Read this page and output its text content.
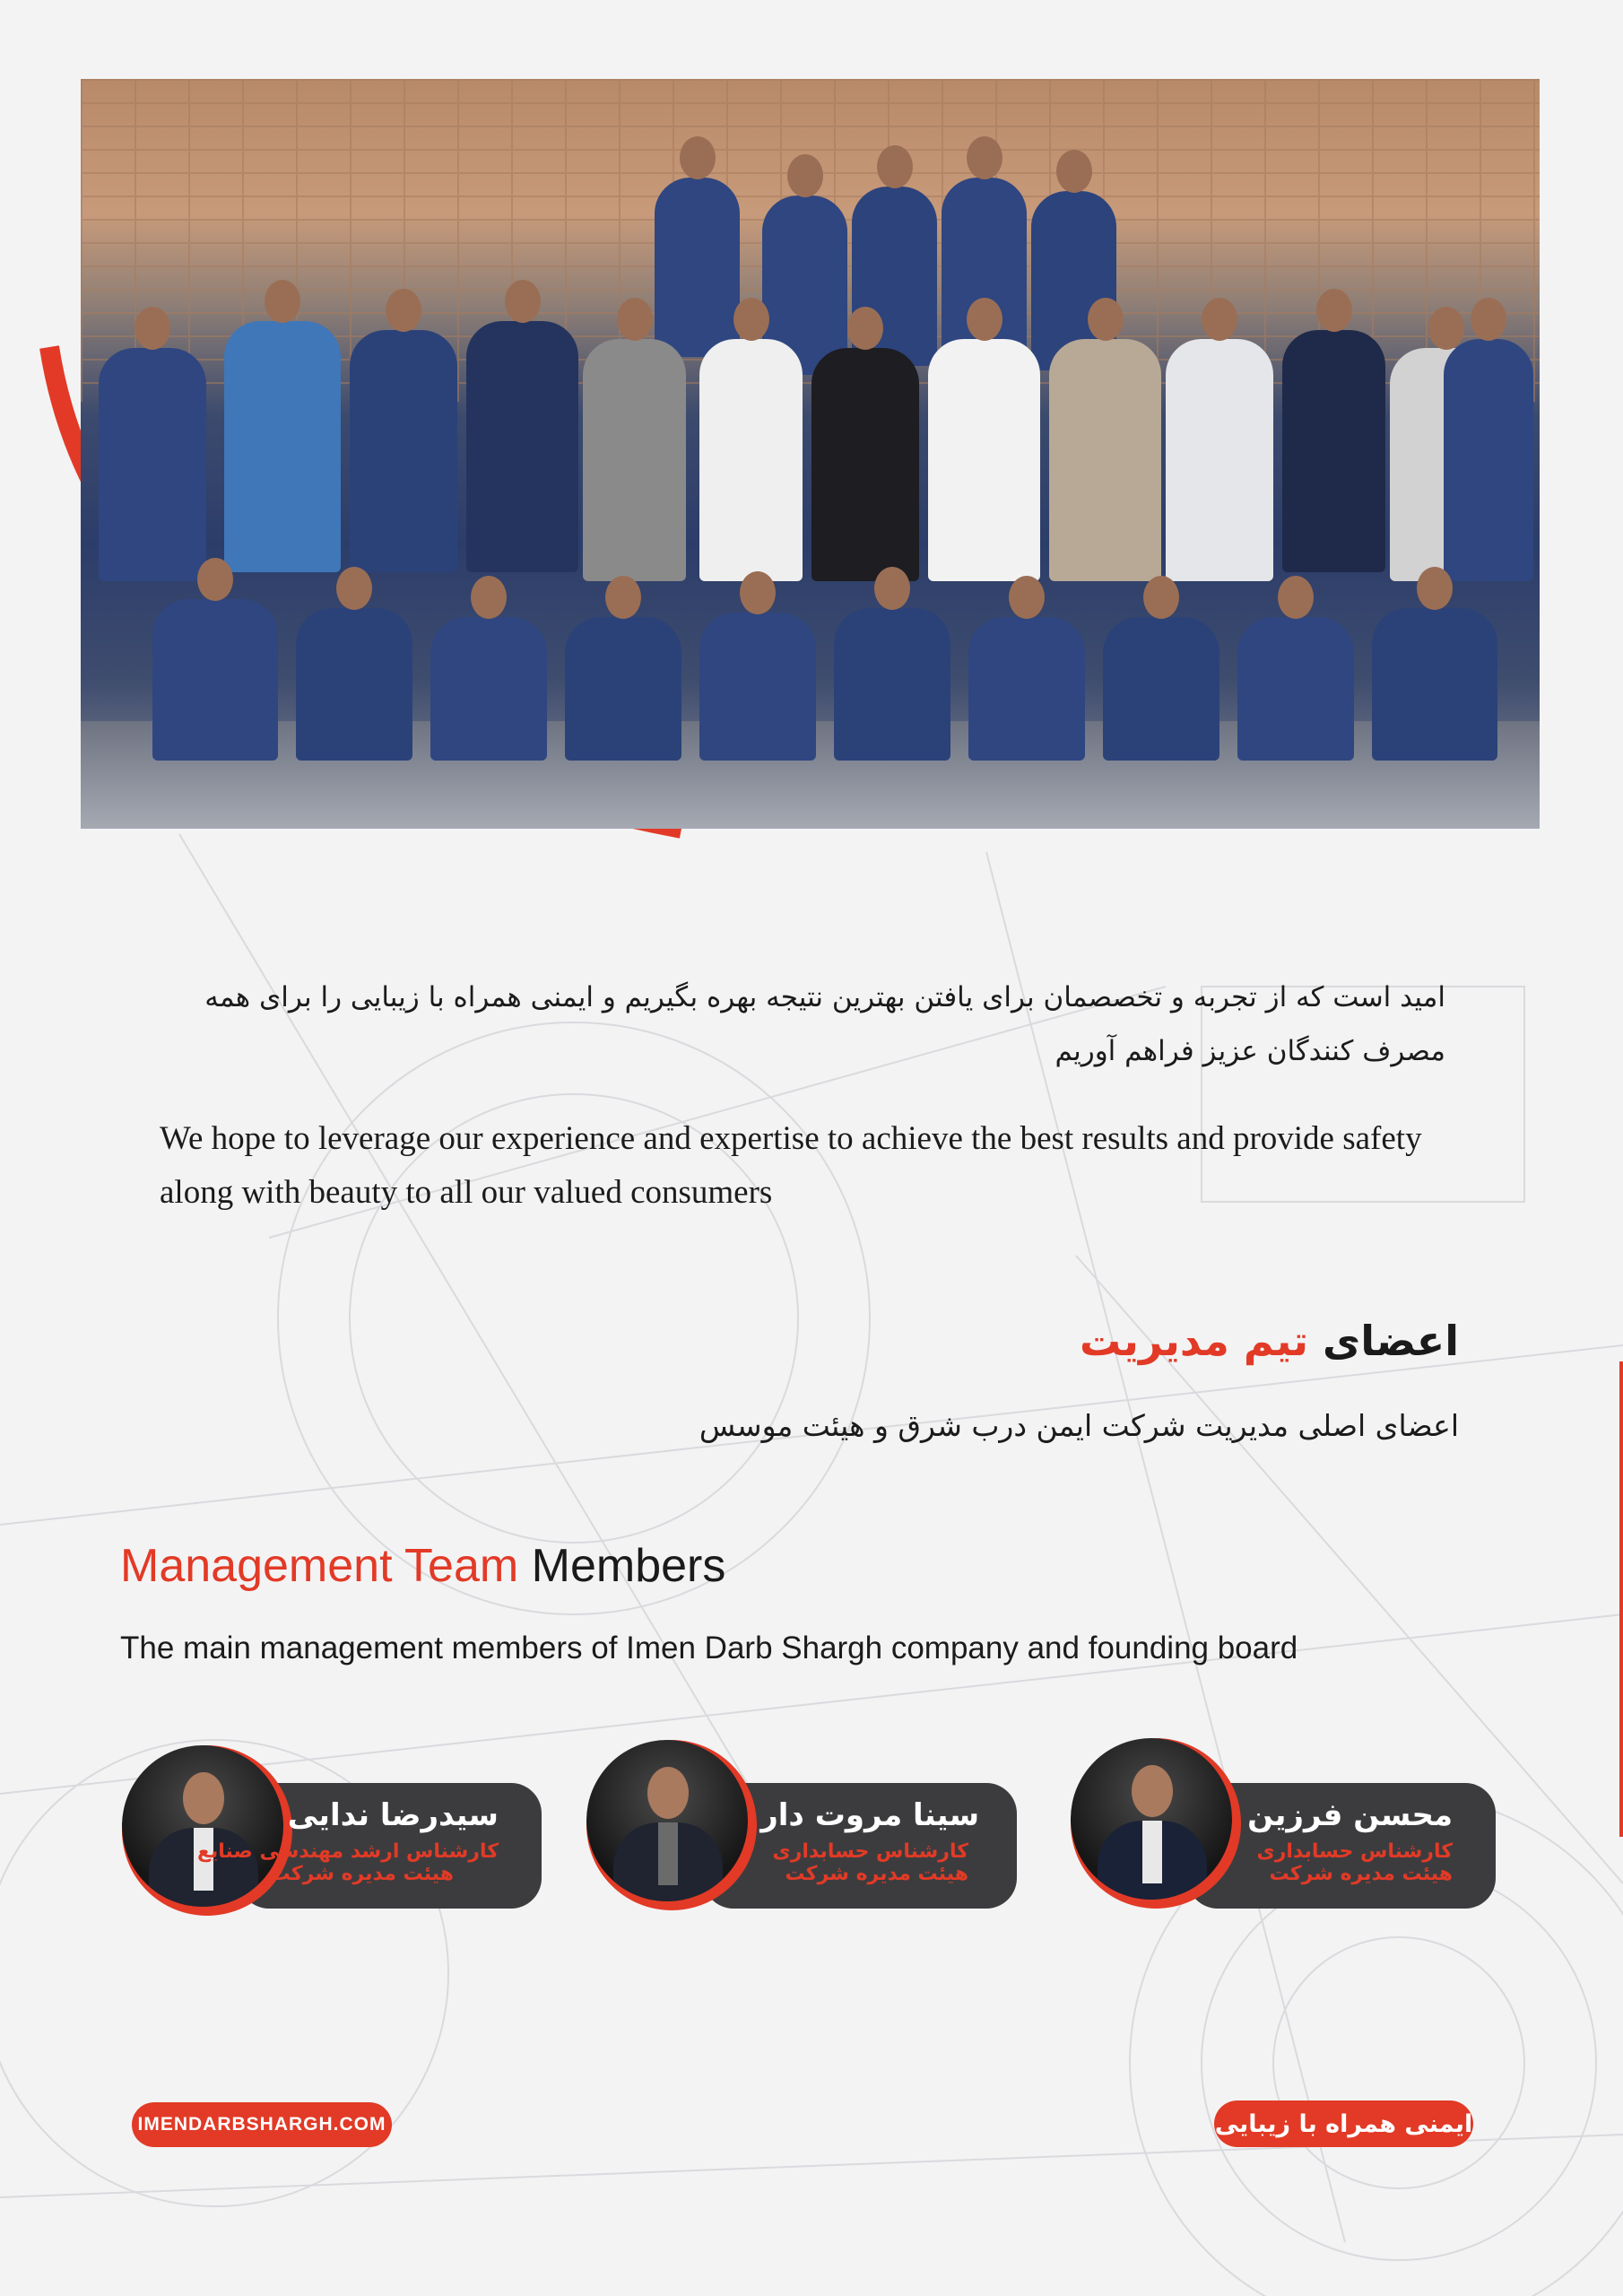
امید است که از تجربه و تخصصمان برای یافتن بهترین نتیجه بهره بگیریم و ایمنی همراه با زیبایی را برای همه مصرف کنندگان عزیز فراهم آوریم
We hope to leverage our experience and expertise to achieve the best results and provide safety along with beauty to all our valued consumers
اعضای تیم مدیریت
اعضای اصلی مدیریت شرکت ایمن درب شرق و هیئت موسس
Management Team Members
The main management members of Imen Darb Shargh company and founding board
سیدرضا ندایی
کارشناس ارشد مهندسی صنایع
هیئت مدیره شرکت
سینا مروت دار
کارشناس حسابداری
هیئت مدیره شرکت
محسن فرزین
کارشناس حسابداری
هیئت مدیره شرکت
IMENDARBSHARGH.COM	ایمنی همراه با زیبایی
